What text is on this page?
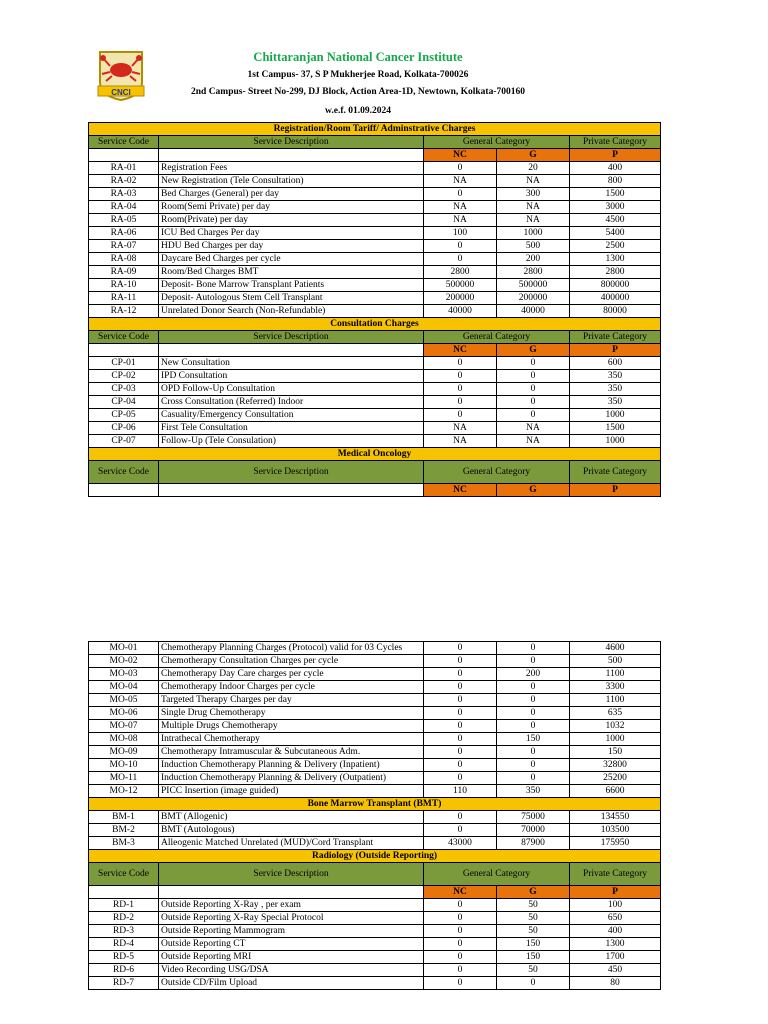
CNCI
Chittaranjan National Cancer Institute
1st Campus- 37, S P Mukherjee Road, Kolkata-700026
2nd Campus- Street No-299, DJ Block, Action Area-1D, Newtown, Kolkata-700160
w.e.f. 01.09.2024
Registration/Room Tariff/ Adminstrative Charges				
Service Code	Service Description	General Category		Private Category
		NC	G	P
RA-01	Registration Fees	0	20	400
RA-02	New Registration (Tele Consultation)	NA	NA	800
RA-03	Bed Charges (General) per day	0	300	1500
RA-04	Room(Semi Private) per day	NA	NA	3000
RA-05	Room(Private) per day	NA	NA	4500
RA-06	ICU Bed Charges Per day	100	1000	5400
RA-07	HDU Bed Charges per day	0	500	2500
RA-08	Daycare Bed Charges per cycle	0	200	1300
RA-09	Room/Bed Charges BMT	2800	2800	2800
RA-10	Deposit- Bone Marrow Transplant Patients	500000	500000	800000
RA-11	Deposit- Autologous Stem Cell Transplant	200000	200000	400000
RA-12	Unrelated Donor Search (Non-Refundable)	40000	40000	80000
Consultation Charges				
Service Code	Service Description	General Category		Private Category
		NC	G	P
CP-01	New Consultation	0	0	600
CP-02	IPD Consultation	0	0	350
CP-03	OPD Follow-Up Consultation	0	0	350
CP-04	Cross Consultation (Referred) Indoor	0	0	350
CP-05	Casuality/Emergency Consultation	0	0	1000
CP-06	First Tele Consultation	NA	NA	1500
CP-07	Follow-Up (Tele Consulation)	NA	NA	1000
Medical Oncology				
Service Code	Service Description	General Category		Private Category
		NC	G	P
MO-01	Chemotherapy Planning Charges (Protocol) valid for 03 Cycles	0	0	4600
MO-02	Chemotherapy Consultation Charges per cycle	0	0	500
MO-03	Chemotherapy Day Care charges per cycle	0	200	1100
MO-04	Chemotherapy Indoor Charges per cycle	0	0	3300
MO-05	Targeted Therapy Charges per day	0	0	1100
MO-06	Single Drug Chemotherapy	0	0	635
MO-07	Multiple Drugs Chemotherapy	0	0	1032
MO-08	Intrathecal Chemotherapy	0	150	1000
MO-09	Chemotherapy Intramuscular & Subcutaneous Adm.	0	0	150
MO-10	Induction Chemotherapy Planning & Delivery (Inpatient)	0	0	32800
MO-11	Induction Chemotherapy Planning & Delivery (Outpatient)	0	0	25200
MO-12	PICC Insertion (image guided)	110	350	6600
Bone Marrow Transplant (BMT)				
BM-1	BMT (Allogenic)	0	75000	134550
BM-2	BMT (Autologous)	0	70000	103500
BM-3	Alleogenic Matched Unrelated (MUD)/Cord Transplant	43000	87900	175950
Radiology (Outside Reporting)				
Service Code	Service Description	General Category		Private Category
		NC	G	P
RD-1	Outside Reporting X-Ray , per exam	0	50	100
RD-2	Outside Reporting X-Ray Special Protocol	0	50	650
RD-3	Outside Reporting Mammogram	0	50	400
RD-4	Outside Reporting CT	0	150	1300
RD-5	Outside Reporting MRI	0	150	1700
RD-6	Video Recording USG/DSA	0	50	450
RD-7	Outside CD/Film Upload	0	0	80
